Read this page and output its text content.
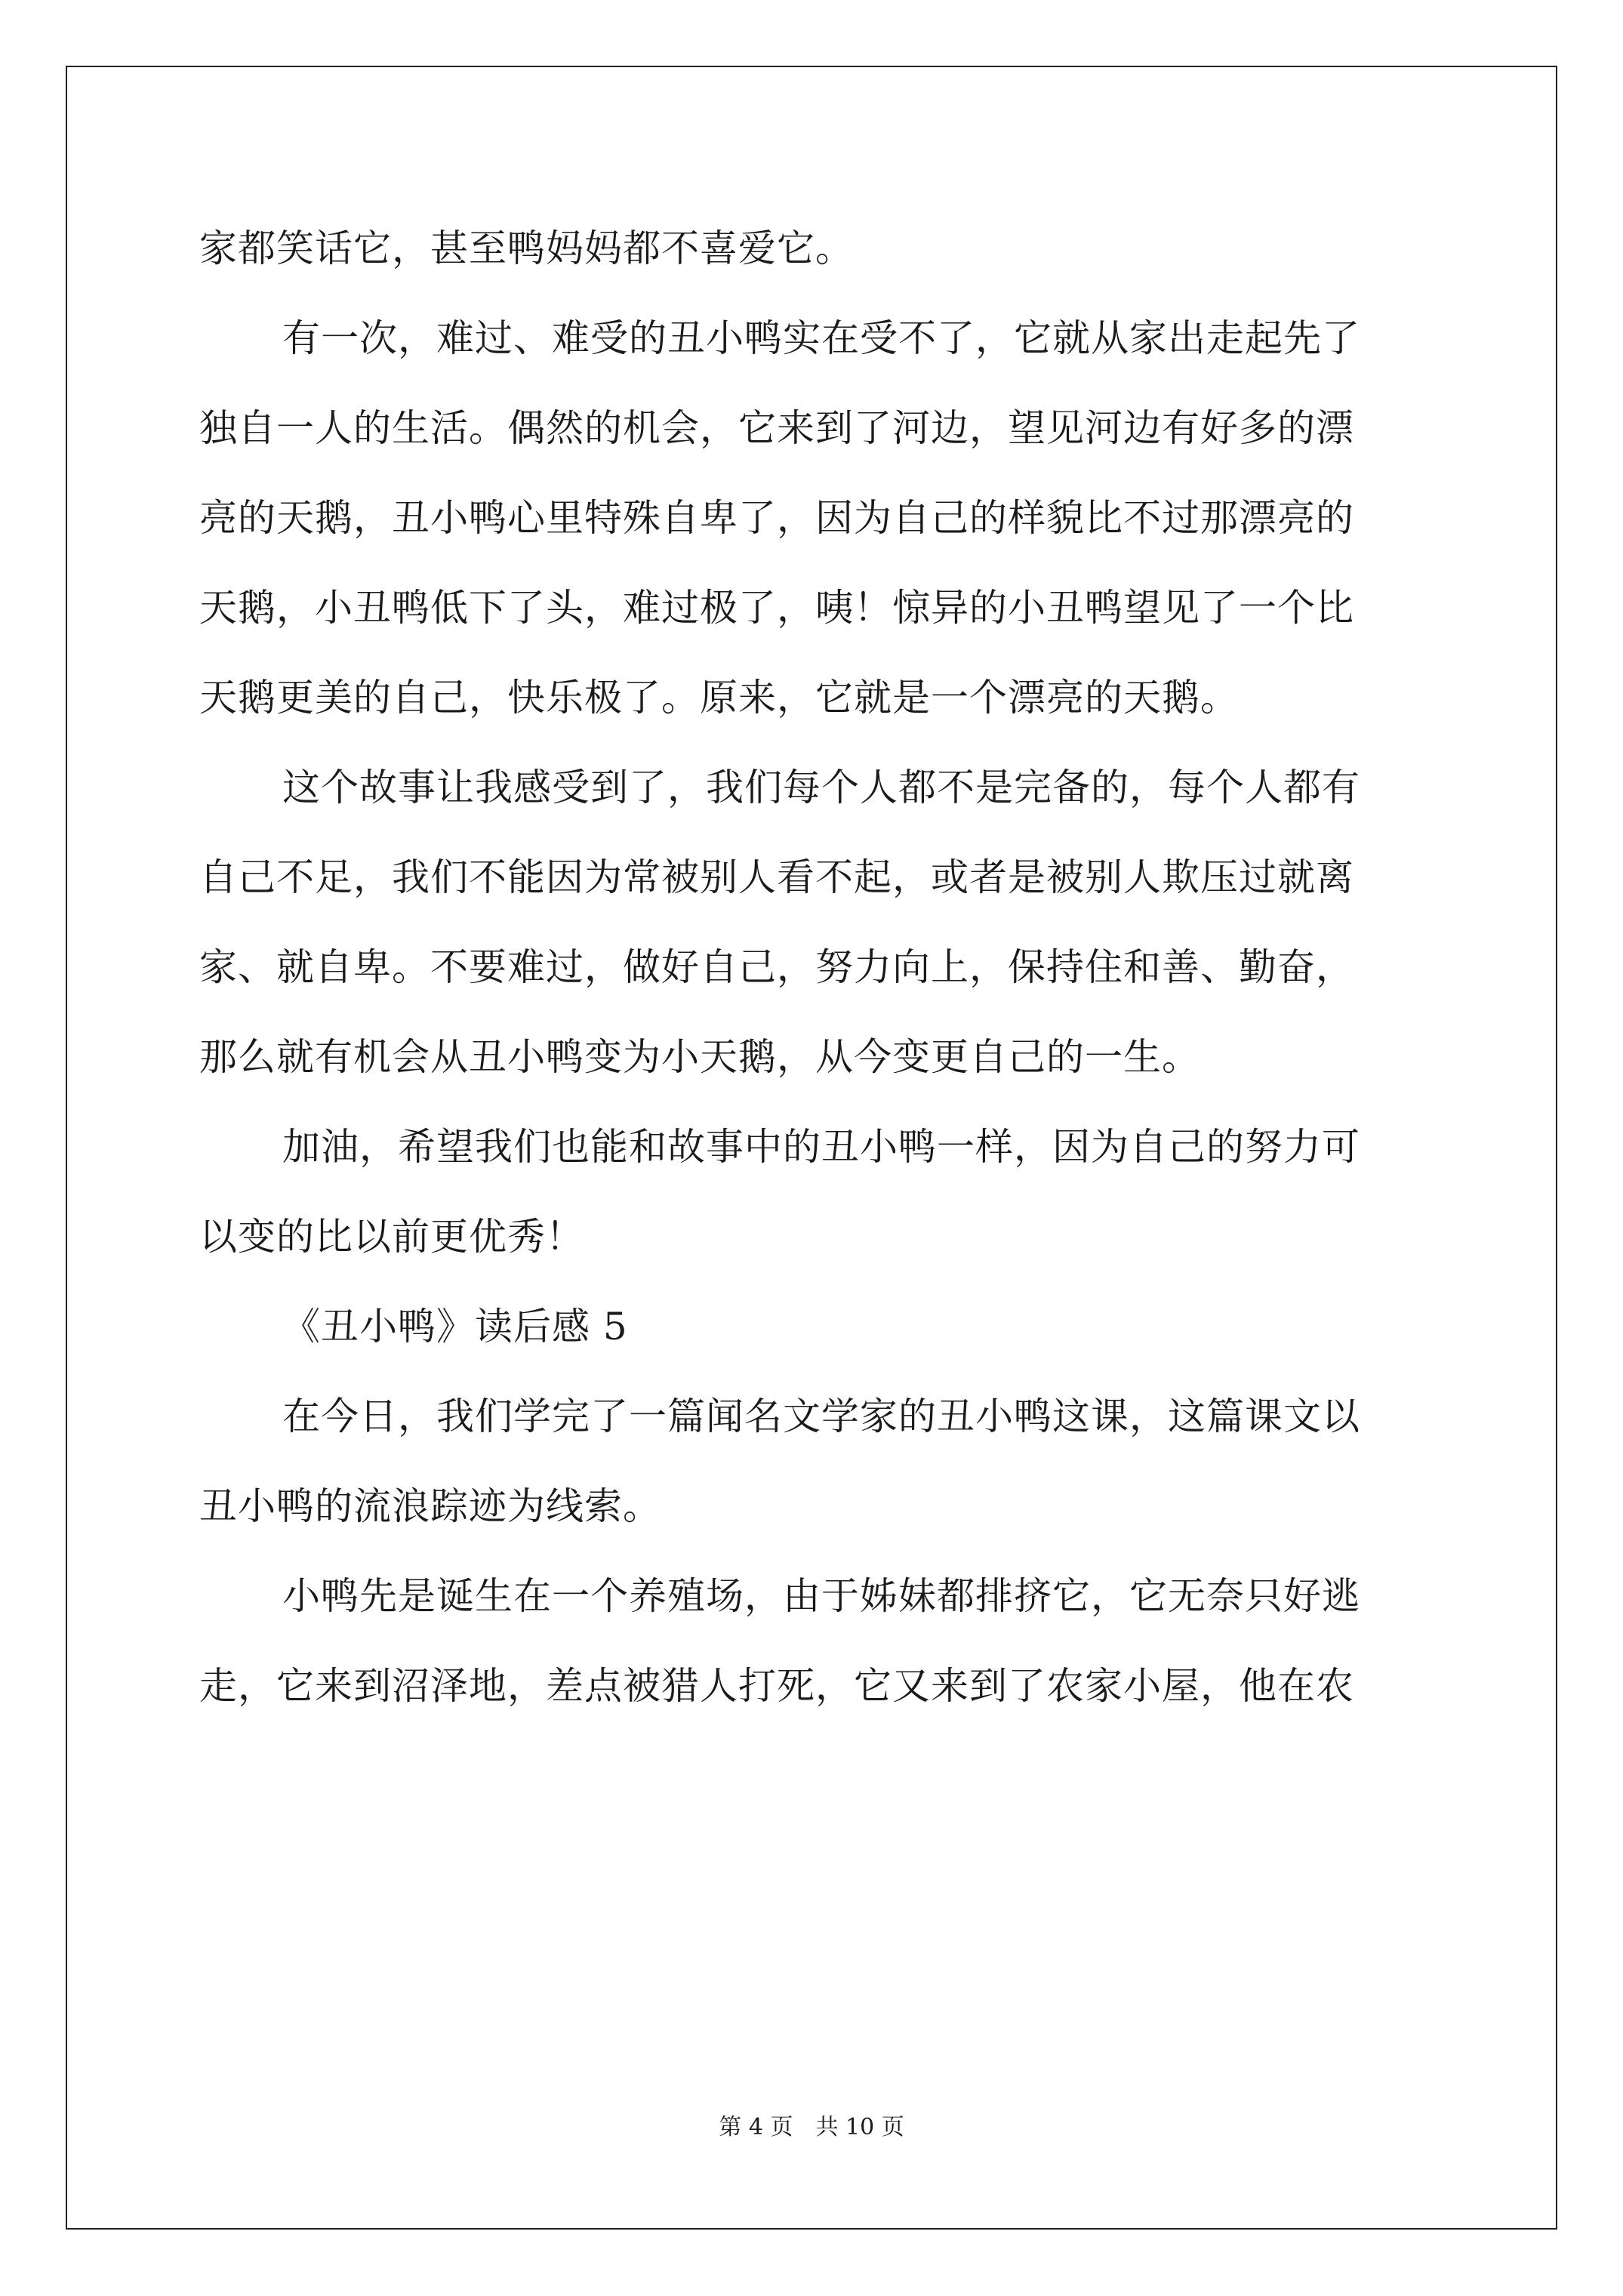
家都笑话它，甚至鸭妈妈都不喜爱它。
有一次，难过、难受的丑小鸭实在受不了，它就从家出走起先了
独自一人的生活。偶然的机会，它来到了河边，望见河边有好多的漂
亮的天鹅，丑小鸭心里特殊自卑了，因为自己的样貌比不过那漂亮的
天鹅，小丑鸭低下了头，难过极了，咦！惊异的小丑鸭望见了一个比
天鹅更美的自己，快乐极了。原来，它就是一个漂亮的天鹅。
这个故事让我感受到了，我们每个人都不是完备的，每个人都有
自己不足，我们不能因为常被别人看不起，或者是被别人欺压过就离
家、就自卑。不要难过，做好自己，努力向上，保持住和善、勤奋，
那么就有机会从丑小鸭变为小天鹅，从今变更自己的一生。
加油，希望我们也能和故事中的丑小鸭一样，因为自己的努力可
以变的比以前更优秀！
《丑小鸭》读后感 5
在今日，我们学完了一篇闻名文学家的丑小鸭这课，这篇课文以
丑小鸭的流浪踪迹为线索。
小鸭先是诞生在一个养殖场，由于姊妹都排挤它，它无奈只好逃
走，它来到沼泽地，差点被猎人打死，它又来到了农家小屋，他在农
第 4 页　共 10 页
